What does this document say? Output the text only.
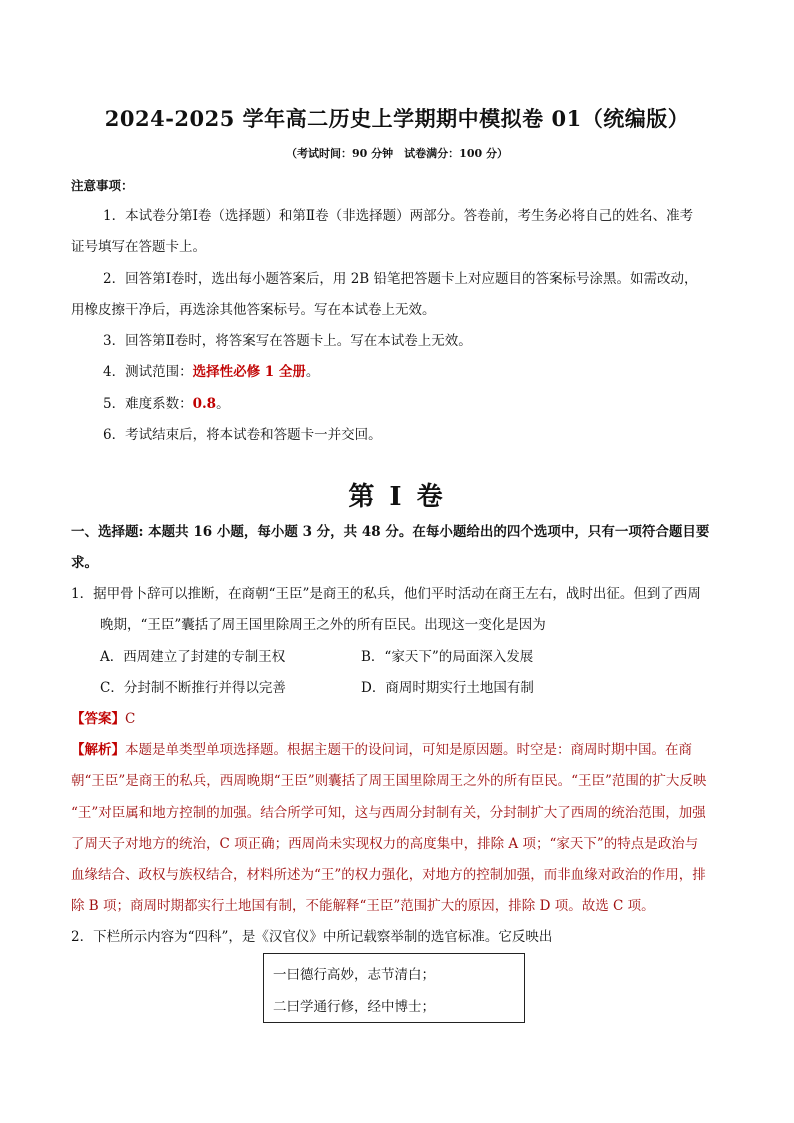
2024-2025 学年高二历史上学期期中模拟卷 01（统编版）
（考试时间：90 分钟　试卷满分：100 分）
注意事项：
1．本试卷分第Ⅰ卷（选择题）和第Ⅱ卷（非选择题）两部分。答卷前，考生务必将自己的姓名、准考
证号填写在答题卡上。
2．回答第Ⅰ卷时，选出每小题答案后，用 2B 铅笔把答题卡上对应题目的答案标号涂黑。如需改动，
用橡皮擦干净后，再选涂其他答案标号。写在本试卷上无效。
3．回答第Ⅱ卷时，将答案写在答题卡上。写在本试卷上无效。
4．测试范围：选择性必修 1 全册。
5．难度系数：0.8。
6．考试结束后，将本试卷和答题卡一并交回。
第 I 卷
一、选择题: 本题共 16 小题，每小题 3 分，共 48 分。在每小题给出的四个选项中，只有一项符合题目要
求。
1．据甲骨卜辞可以推断，在商朝“王臣”是商王的私兵，他们平时活动在商王左右，战时出征。但到了西周
晚期，“王臣”囊括了周王国里除周王之外的所有臣民。出现这一变化是因为
A．西周建立了封建的专制王权	B．“家天下”的局面深入发展
C．分封制不断推行并得以完善	D．商周时期实行土地国有制
【答案】C
【解析】本题是单类型单项选择题。根据主题干的设问词，可知是原因题。时空是：商周时期中国。在商
朝“王臣”是商王的私兵，西周晚期“王臣”则囊括了周王国里除周王之外的所有臣民。“王臣”范围的扩大反映
“王”对臣属和地方控制的加强。结合所学可知，这与西周分封制有关，分封制扩大了西周的统治范围，加强
了周天子对地方的统治，C 项正确；西周尚未实现权力的高度集中，排除 A 项；“家天下”的特点是政治与
血缘结合、政权与族权结合，材料所述为“王”的权力强化，对地方的控制加强，而非血缘对政治的作用，排
除 B 项；商周时期都实行土地国有制，不能解释“王臣”范围扩大的原因，排除 D 项。故选 C 项。
2．下栏所示内容为“四科”，是《汉官仪》中所记载察举制的选官标准。它反映出
一曰德行高妙，志节清白；
二曰学通行修，经中博士；
